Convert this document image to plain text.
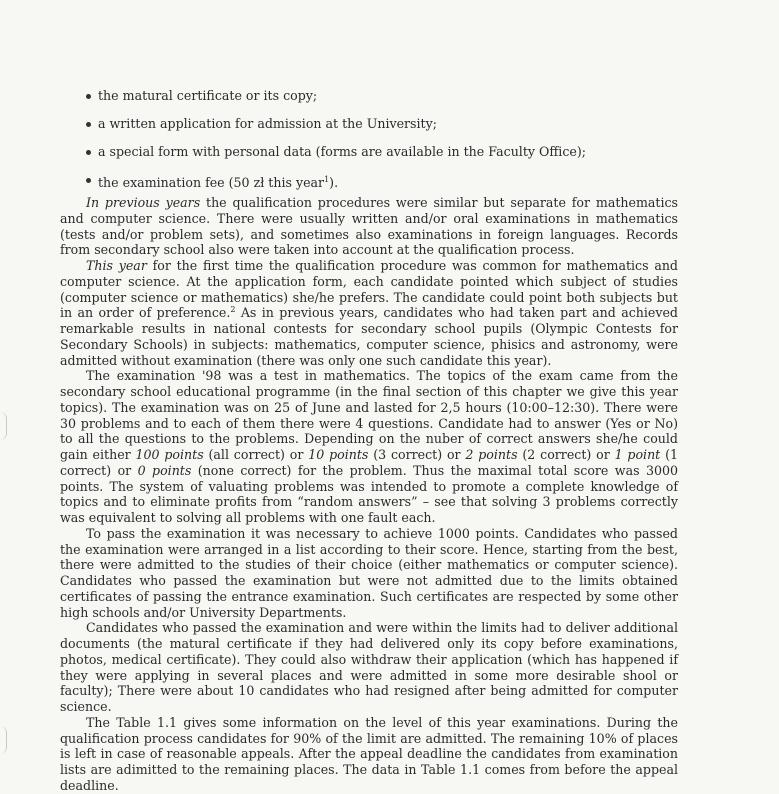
the matural certificate or its copy;
a written application for admission at the University;
a special form with personal data (forms are available in the Faculty Office);
the examination fee (50 zł this year$^1$).

In previous years the qualification procedures were similar but separate for mathematics and computer science. There were usually written and/or oral examinations in mathematics (tests and/or problem sets), and sometimes also examinations in foreign languages. Records from secondary school also were taken into account at the qualification process.

This year for the first time the qualification procedure was common for mathematics and computer science. At the application form, each candidate pointed which subject of studies (computer science or mathematics) she/he prefers. The candidate could point both subjects but in an order of preference.$^2$ As in previous years, candidates who had taken part and achieved remarkable results in national contests for secondary school pupils (Olympic Contests for Secondary Schools) in subjects: mathematics, computer science, phisics and astronomy, were admitted without examination (there was only one such candidate this year).

The examination '98 was a test in mathematics. The topics of the exam came from the secondary school educational programme (in the final section of this chapter we give this year topics). The examination was on 25 of June and lasted for 2,5 hours (10:00–12:30). There were 30 problems and to each of them there were 4 questions. Candidate had to answer (Yes or No) to all the questions to the problems. Depending on the nuber of correct answers she/he could gain either 100 points (all correct) or 10 points (3 correct) or 2 points (2 correct) or 1 point (1 correct) or 0 points (none correct) for the problem. Thus the maximal total score was 3000 points. The system of valuating problems was intended to promote a complete knowledge of topics and to eliminate profits from “random answers” – see that solving 3 problems correctly was equivalent to solving all problems with one fault each.

To pass the examination it was necessary to achieve 1000 points. Candidates who passed the examination were arranged in a list according to their score. Hence, starting from the best, there were admitted to the studies of their choice (either mathematics or computer science). Candidates who passed the examination but were not admitted due to the limits obtained certificates of passing the entrance examination. Such certificates are respected by some other high schools and/or University Departments.

Candidates who passed the examination and were within the limits had to deliver additional documents (the matural certificate if they had delivered only its copy before examinations, photos, medical certificate). They could also withdraw their application (which has happened if they were applying in several places and were admitted in some more desirable shool or faculty); There were about 10 candidates who had resigned after being admitted for computer science.

The Table 1.1 gives some information on the level of this year examinations. During the qualification process candidates for 90% of the limit are admitted. The remaining 10% of places is left in case of reasonable appeals. After the appeal deadline the candidates from examination lists are adimitted to the remaining places. The data in Table 1.1 comes from before the appeal deadline.
